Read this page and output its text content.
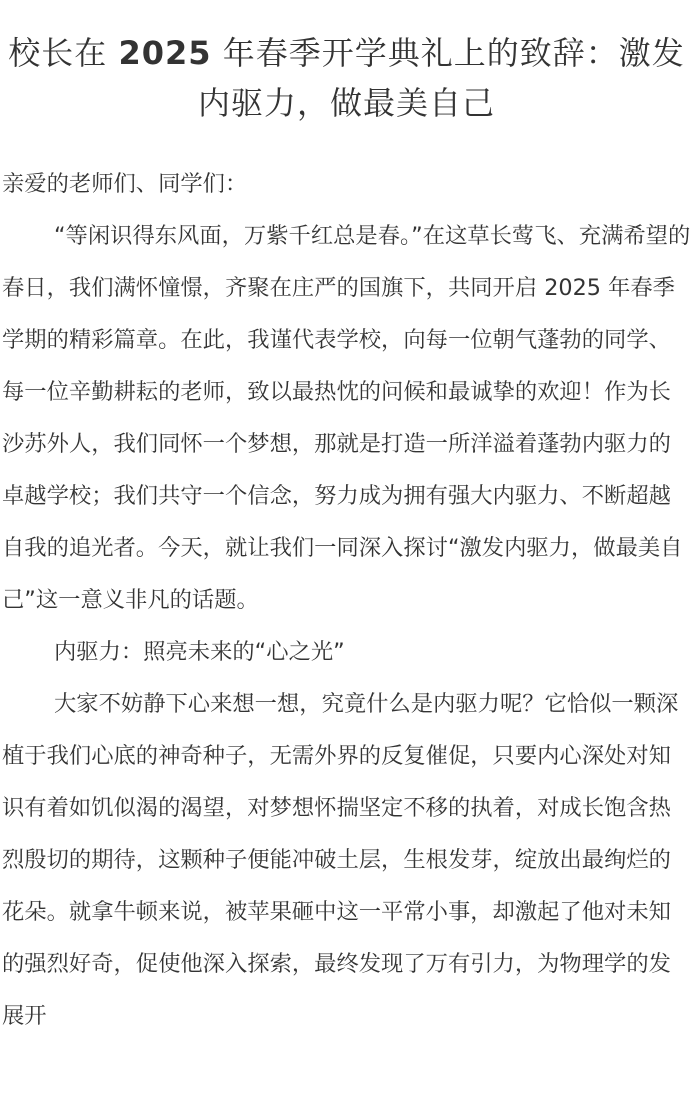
校长在 2025 年春季开学典礼上的致辞：激发内驱力，做最美自己

亲爱的老师们、同学们：

“等闲识得东风面，万紫千红总是春。”在这草长莺飞、充满希望的春日，我们满怀憧憬，齐聚在庄严的国旗下，共同开启 2025 年春季学期的精彩篇章。在此，我谨代表学校，向每一位朝气蓬勃的同学、每一位辛勤耕耘的老师，致以最热忱的问候和最诚挚的欢迎！作为长沙苏外人，我们同怀一个梦想，那就是打造一所洋溢着蓬勃内驱力的卓越学校；我们共守一个信念，努力成为拥有强大内驱力、不断超越自我的追光者。今天，就让我们一同深入探讨“激发内驱力，做最美自己”这一意义非凡的话题。

内驱力：照亮未来的“心之光”

大家不妨静下心来想一想，究竟什么是内驱力呢？它恰似一颗深植于我们心底的神奇种子，无需外界的反复催促，只要内心深处对知识有着如饥似渴的渴望，对梦想怀揣坚定不移的执着，对成长饱含热烈殷切的期待，这颗种子便能冲破土层，生根发芽，绽放出最绚烂的花朵。就拿牛顿来说，被苹果砸中这一平常小事，却激起了他对未知的强烈好奇，促使他深入探索，最终发现了万有引力，为物理学的发展开
